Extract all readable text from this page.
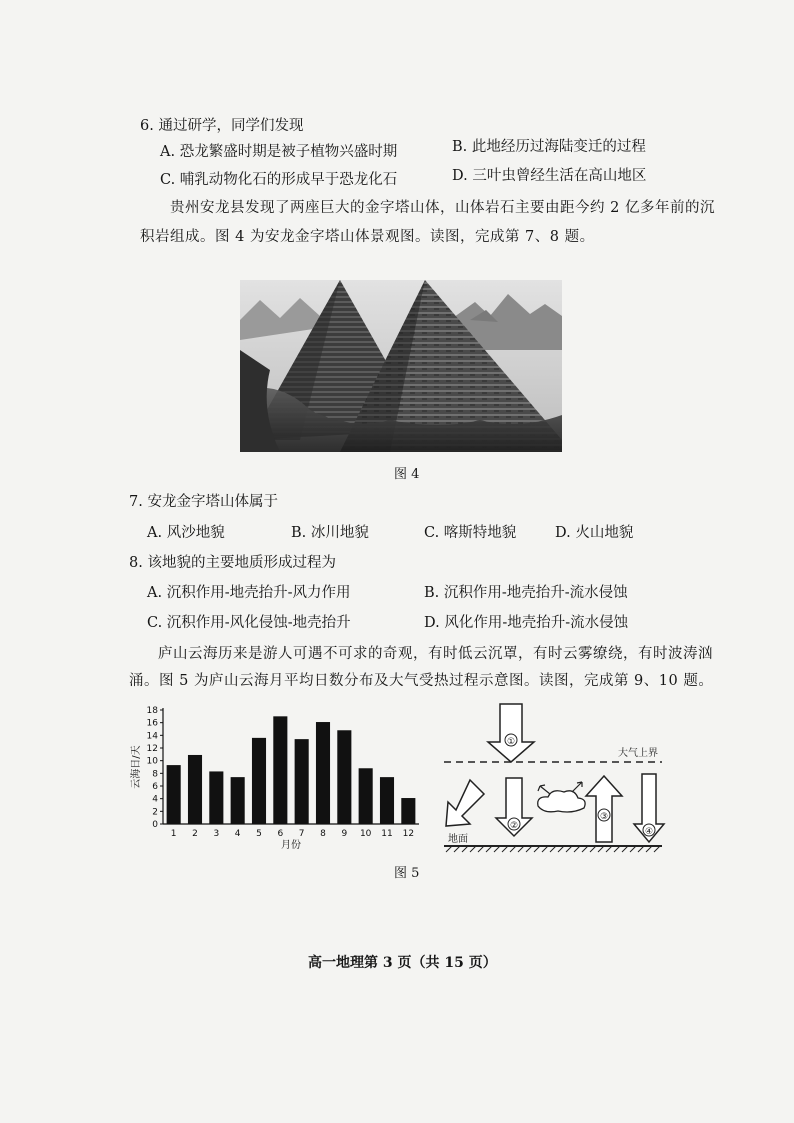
6. 通过研学，同学们发现
A. 恐龙繁盛时期是被子植物兴盛时期	B. 此地经历过海陆变迁的过程
C. 哺乳动物化石的形成早于恐龙化石	D. 三叶虫曾经生活在高山地区
贵州安龙县发现了两座巨大的金字塔山体，山体岩石主要由距今约 2 亿多年前的沉
积岩组成。图 4 为安龙金字塔山体景观图。读图，完成第 7、8 题。
图 4
7. 安龙金字塔山体属于
A. 风沙地貌	B. 冰川地貌	C. 喀斯特地貌	D. 火山地貌
8. 该地貌的主要地质形成过程为
A. 沉积作用-地壳抬升-风力作用	B. 沉积作用-地壳抬升-流水侵蚀
C. 沉积作用-风化侵蚀-地壳抬升	D. 风化作用-地壳抬升-流水侵蚀
庐山云海历来是游人可遇不可求的奇观，有时低云沉罩，有时云雾缭绕，有时波涛汹
涌。图 5 为庐山云海月平均日数分布及大气受热过程示意图。读图，完成第 9、10 题。
0
2
4
6
8
10
12
14
16
18
1 2 3 4 5 6 7 8 9 10 11 12
月份
云海日/天	大气上界
①
②
③
④
地面
图 5
高一地理第 3 页（共 15 页）
